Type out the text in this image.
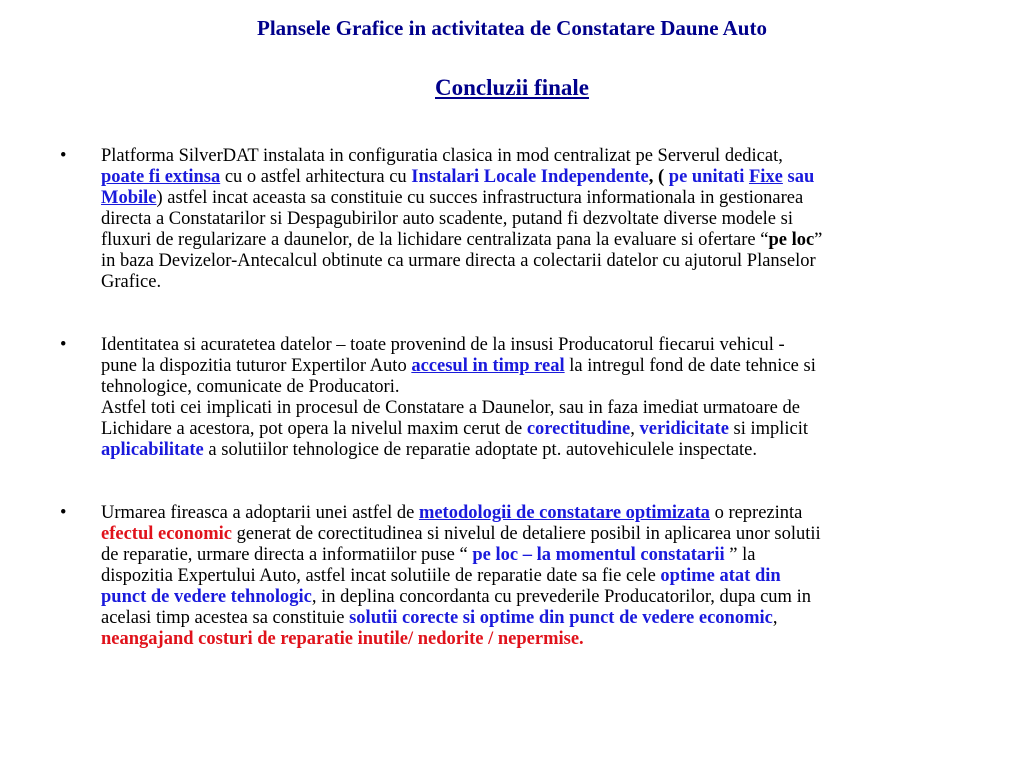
Plansele Grafice in activitatea de Constatare Daune Auto
Concluzii finale
• Platforma SilverDAT instalata in configuratia clasica in mod centralizat pe Serverul dedicat,
poate fi extinsa cu o astfel arhitectura cu Instalari Locale Independente, ( pe unitati Fixe sau
Mobile) astfel incat aceasta sa constituie cu succes infrastructura informationala in gestionarea
directa a Constatarilor si Despagubirilor auto scadente, putand fi dezvoltate diverse modele si
fluxuri de regularizare a daunelor, de la lichidare centralizata pana la evaluare si ofertare “pe loc”
in baza Devizelor-Antecalcul obtinute ca urmare directa a colectarii datelor cu ajutorul Planselor
Grafice.
• Identitatea si acuratetea datelor – toate provenind de la insusi Producatorul fiecarui vehicul -
pune la dispozitia tuturor Expertilor Auto accesul in timp real la intregul fond de date tehnice si
tehnologice, comunicate de Producatori.
Astfel toti cei implicati in procesul de Constatare a Daunelor, sau in faza imediat urmatoare de
Lichidare a acestora, pot opera la nivelul maxim cerut de corectitudine, veridicitate si implicit
aplicabilitate a solutiilor tehnologice de reparatie adoptate pt. autovehiculele inspectate.
• Urmarea fireasca a adoptarii unei astfel de metodologii de constatare optimizata o reprezinta
efectul economic generat de corectitudinea si nivelul de detaliere posibil in aplicarea unor solutii
de reparatie, urmare directa a informatiilor puse “ pe loc – la momentul constatarii ” la
dispozitia Expertului Auto, astfel incat solutiile de reparatie date sa fie cele optime atat din
punct de vedere tehnologic, in deplina concordanta cu prevederile Producatorilor, dupa cum in
acelasi timp acestea sa constituie solutii corecte si optime din punct de vedere economic,
neangajand costuri de reparatie inutile/ nedorite / nepermise.
